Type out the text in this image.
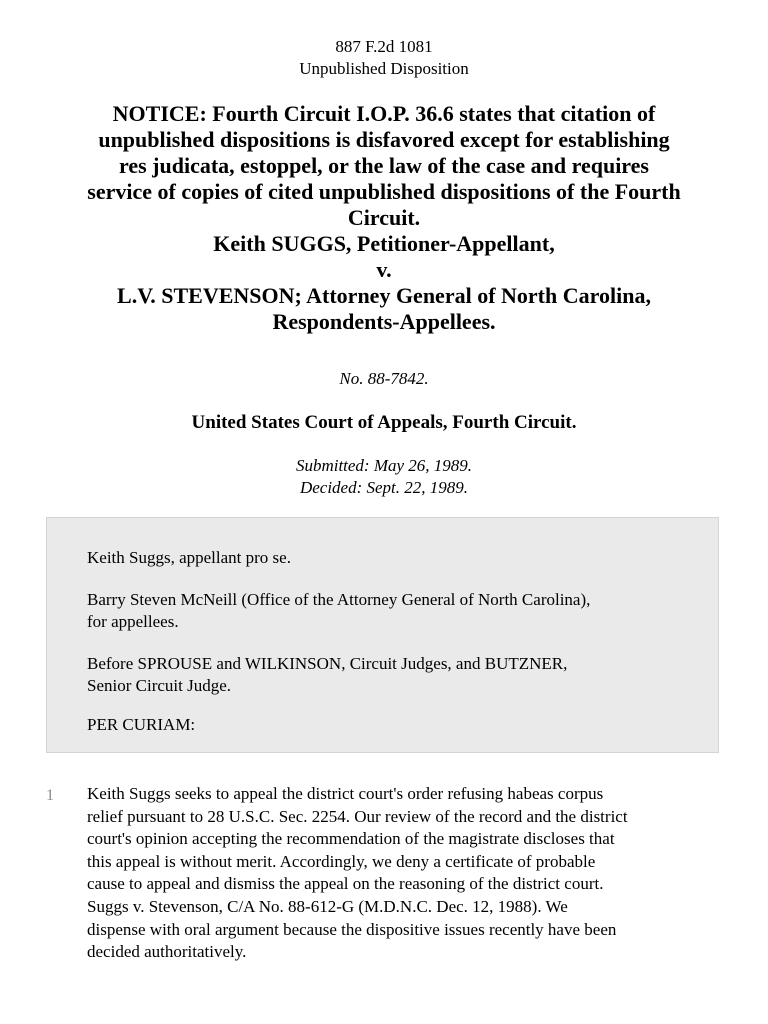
887 F.2d 1081
Unpublished Disposition
NOTICE: Fourth Circuit I.O.P. 36.6 states that citation of
unpublished dispositions is disfavored except for establishing
res judicata, estoppel, or the law of the case and requires
service of copies of cited unpublished dispositions of the Fourth
Circuit.
Keith SUGGS, Petitioner-Appellant,
v.
L.V. STEVENSON; Attorney General of North Carolina,
Respondents-Appellees.
No. 88-7842.
United States Court of Appeals, Fourth Circuit.
Submitted: May 26, 1989.
Decided: Sept. 22, 1989.

Keith Suggs, appellant pro se.

Barry Steven McNeill (Office of the Attorney General of North Carolina),
for appellees.

Before SPROUSE and WILKINSON, Circuit Judges, and BUTZNER,
Senior Circuit Judge.

PER CURIAM:

1 Keith Suggs seeks to appeal the district court's order refusing habeas corpus
relief pursuant to 28 U.S.C. Sec. 2254. Our review of the record and the district
court's opinion accepting the recommendation of the magistrate discloses that
this appeal is without merit. Accordingly, we deny a certificate of probable
cause to appeal and dismiss the appeal on the reasoning of the district court.
Suggs v. Stevenson, C/A No. 88-612-G (M.D.N.C. Dec. 12, 1988). We
dispense with oral argument because the dispositive issues recently have been
decided authoritatively.
